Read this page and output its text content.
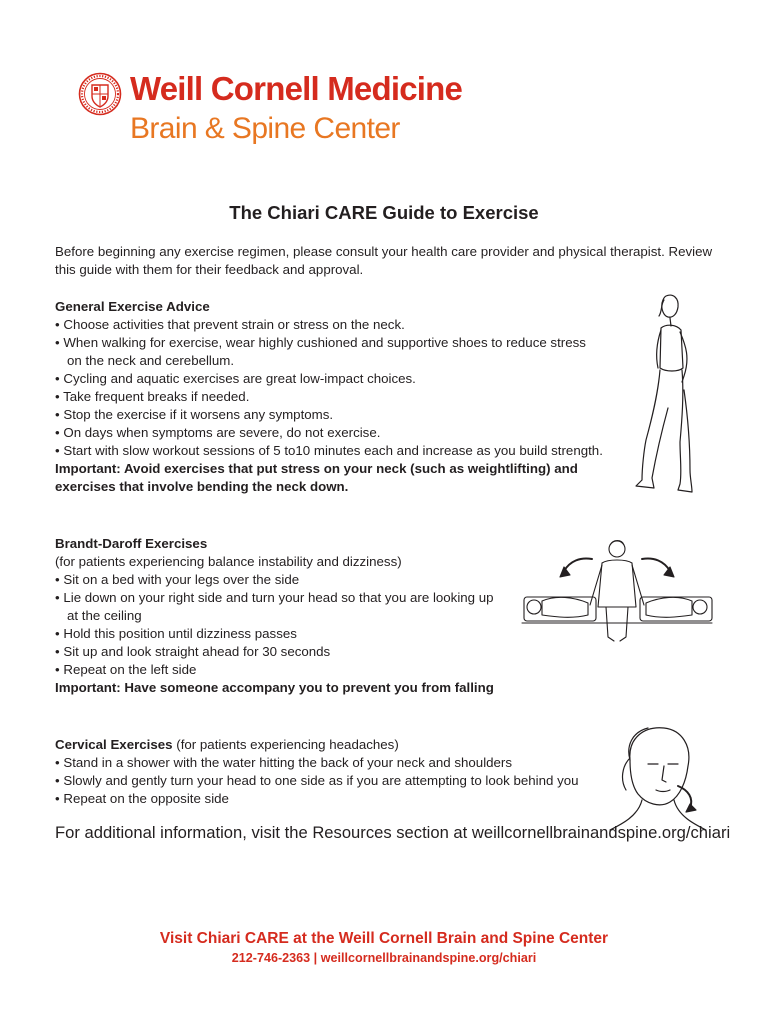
Weill Cornell Medicine
Brain & Spine Center
The Chiari CARE Guide to Exercise
Before beginning any exercise regimen, please consult your health care provider and physical therapist. Review this guide with them for their feedback and approval.
General Exercise Advice
• Choose activities that prevent strain or stress on the neck.
• When walking for exercise, wear highly cushioned and supportive shoes to reduce stress
on the neck and cerebellum.
• Cycling and aquatic exercises are great low-impact choices.
• Take frequent breaks if needed.
• Stop the exercise if it worsens any symptoms.
• On days when symptoms are severe, do not exercise.
• Start with slow workout sessions of 5 to10 minutes each and increase as you build strength.
Important: Avoid exercises that put stress on your neck (such as weightlifting) and
exercises that involve bending the neck down.
Brandt-Daroff Exercises
(for patients experiencing balance instability and dizziness)
• Sit on a bed with your legs over the side
• Lie down on your right side and turn your head so that you are looking up
at the ceiling
• Hold this position until dizziness passes
• Sit up and look straight ahead for 30 seconds
• Repeat on the left side
Important: Have someone accompany you to prevent you from falling
Cervical Exercises (for patients experiencing headaches)
• Stand in a shower with the water hitting the back of your neck and shoulders
• Slowly and gently turn your head to one side as if you are attempting to look behind you
• Repeat on the opposite side
For additional information, visit the Resources section at weillcornellbrainandspine.org/chiari
Visit Chiari CARE at the Weill Cornell Brain and Spine Center
212-746-2363 | weillcornellbrainandspine.org/chiari
